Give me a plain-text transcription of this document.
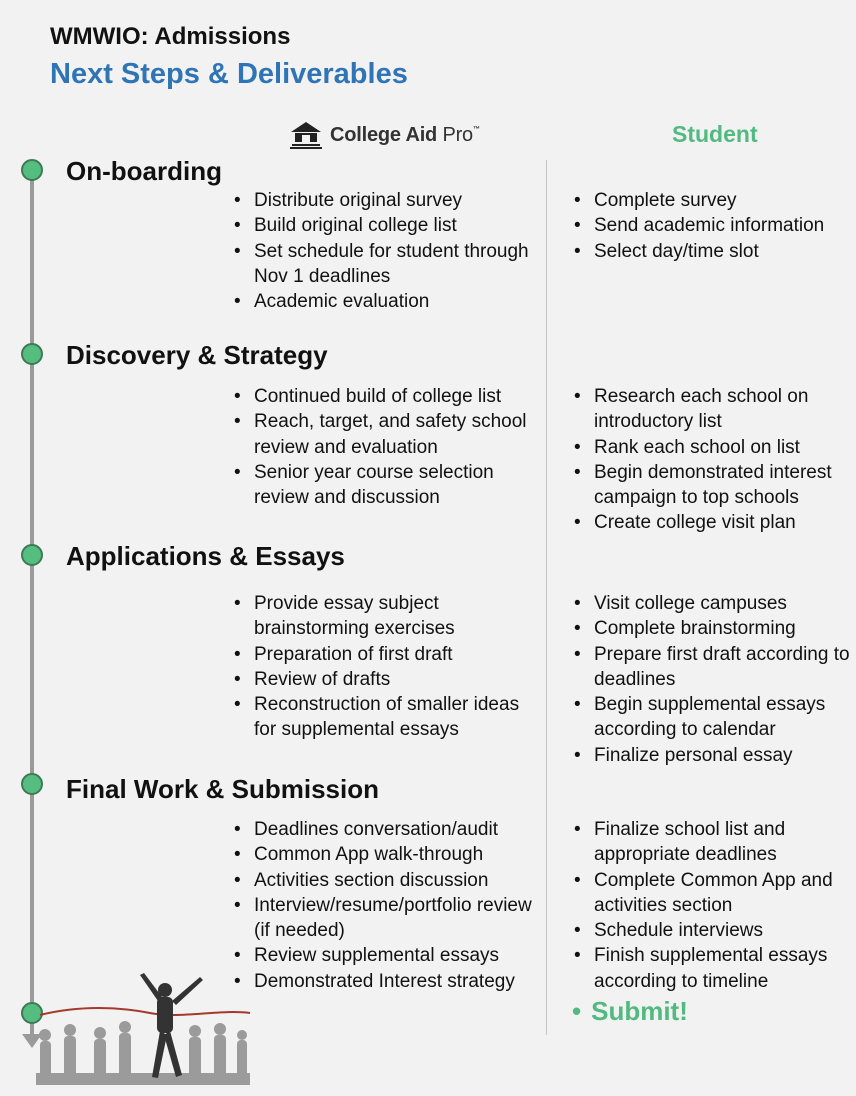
WMWIO: Admissions
Next Steps & Deliverables
College Aid Pro™	Student
On-boarding
• Distribute original survey
• Build original college list
• Set schedule for student through Nov 1 deadlines
• Academic evaluation
• Complete survey
• Send academic information
• Select day/time slot
Discovery & Strategy
• Continued build of college list
• Reach, target, and safety school review and evaluation
• Senior year course selection review and discussion
• Research each school on introductory list
• Rank each school on list
• Begin demonstrated interest campaign to top schools
• Create college visit plan
Applications & Essays
• Provide essay subject brainstorming exercises
• Preparation of first draft
• Review of drafts
• Reconstruction of smaller ideas for supplemental essays
• Visit college campuses
• Complete brainstorming
• Prepare first draft according to deadlines
• Begin supplemental essays according to calendar
• Finalize personal essay
Final Work & Submission
• Deadlines conversation/audit
• Common App walk-through
• Activities section discussion
• Interview/resume/portfolio review (if needed)
• Review supplemental essays
• Demonstrated Interest strategy
• Finalize school list and appropriate deadlines
• Complete Common App and activities section
• Schedule interviews
• Finish supplemental essays according to timeline
• Submit!
